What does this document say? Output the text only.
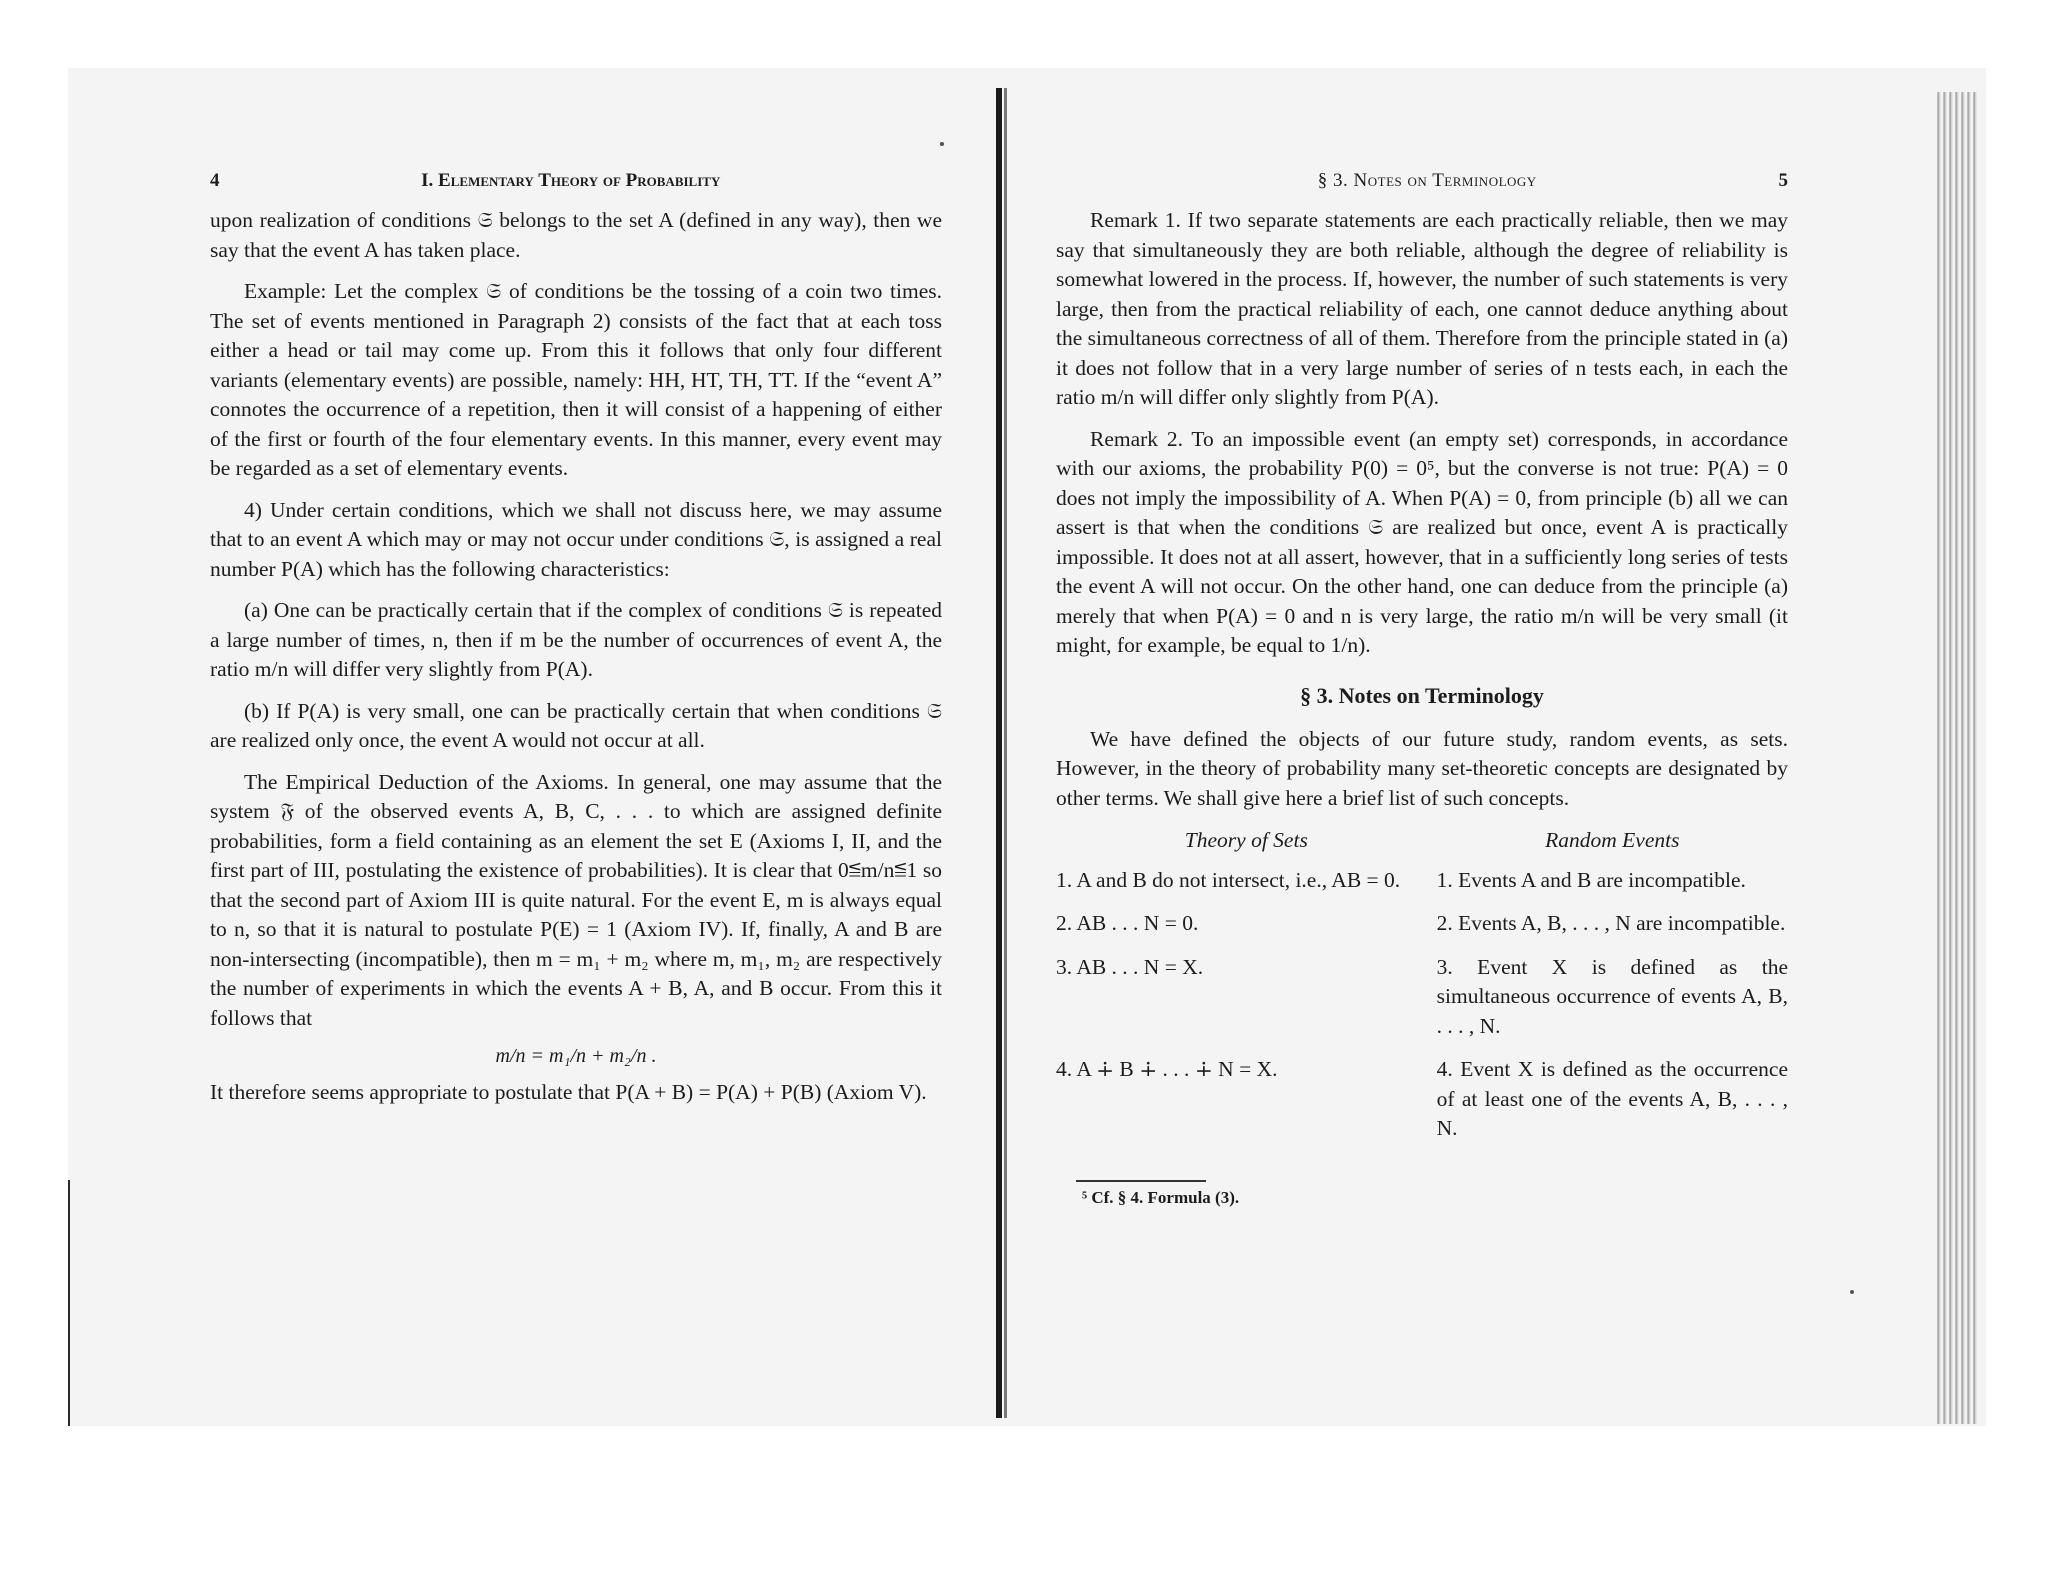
4	I. Elementary Theory of Probability

upon realization of conditions 𝔖 belongs to the set A (defined in any way), then we say that the event A has taken place.

Example: Let the complex 𝔖 of conditions be the tossing of a coin two times. The set of events mentioned in Paragraph 2) consists of the fact that at each toss either a head or tail may come up. From this it follows that only four different variants (elementary events) are possible, namely: HH, HT, TH, TT. If the “event A” connotes the occurrence of a repetition, then it will consist of a happening of either of the first or fourth of the four elementary events. In this manner, every event may be regarded as a set of elementary events.

4) Under certain conditions, which we shall not discuss here, we may assume that to an event A which may or may not occur under conditions 𝔖, is assigned a real number P(A) which has the following characteristics:

(a) One can be practically certain that if the complex of conditions 𝔖 is repeated a large number of times, n, then if m be the number of occurrences of event A, the ratio m/n will differ very slightly from P(A).

(b) If P(A) is very small, one can be practically certain that when conditions 𝔖 are realized only once, the event A would not occur at all.

The Empirical Deduction of the Axioms. In general, one may assume that the system 𝔉 of the observed events A, B, C, . . . to which are assigned definite probabilities, form a field containing as an element the set E (Axioms I, II, and the first part of III, postulating the existence of probabilities). It is clear that 0≦m/n≦1 so that the second part of Axiom III is quite natural. For the event E, m is always equal to n, so that it is natural to postulate P(E) = 1 (Axiom IV). If, finally, A and B are non-intersecting (incompatible), then m = m₁ + m₂ where m, m₁, m₂ are respectively the number of experiments in which the events A + B, A, and B occur. From this it follows that

m/n = m₁/n + m₂/n .

It therefore seems appropriate to postulate that P(A + B) = P(A) + P(B) (Axiom V).

§ 3. Notes on Terminology	5

Remark 1. If two separate statements are each practically reliable, then we may say that simultaneously they are both reliable, although the degree of reliability is somewhat lowered in the process. If, however, the number of such statements is very large, then from the practical reliability of each, one cannot deduce anything about the simultaneous correctness of all of them. Therefore from the principle stated in (a) it does not follow that in a very large number of series of n tests each, in each the ratio m/n will differ only slightly from P(A).

Remark 2. To an impossible event (an empty set) corresponds, in accordance with our axioms, the probability P(0) = 0⁵, but the converse is not true: P(A) = 0 does not imply the impossibility of A. When P(A) = 0, from principle (b) all we can assert is that when the conditions 𝔖 are realized but once, event A is practically impossible. It does not at all assert, however, that in a sufficiently long series of tests the event A will not occur. On the other hand, one can deduce from the principle (a) merely that when P(A) = 0 and n is very large, the ratio m/n will be very small (it might, for example, be equal to 1/n).

§ 3. Notes on Terminology

We have defined the objects of our future study, random events, as sets. However, in the theory of probability many set-theoretic concepts are designated by other terms. We shall give here a brief list of such concepts.

Theory of Sets	Random Events
1. A and B do not intersect, i.e., AB = 0.	1. Events A and B are incompatible.
2. AB . . . N = 0.	2. Events A, B, . . . , N are incompatible.
3. AB . . . N = X.	3. Event X is defined as the simultaneous occurrence of events A, B, . . . , N.
4. A ∔ B ∔ . . . ∔ N = X.	4. Event X is defined as the occurrence of at least one of the events A, B, . . . , N.
⁵ Cf. § 4. Formula (3).
